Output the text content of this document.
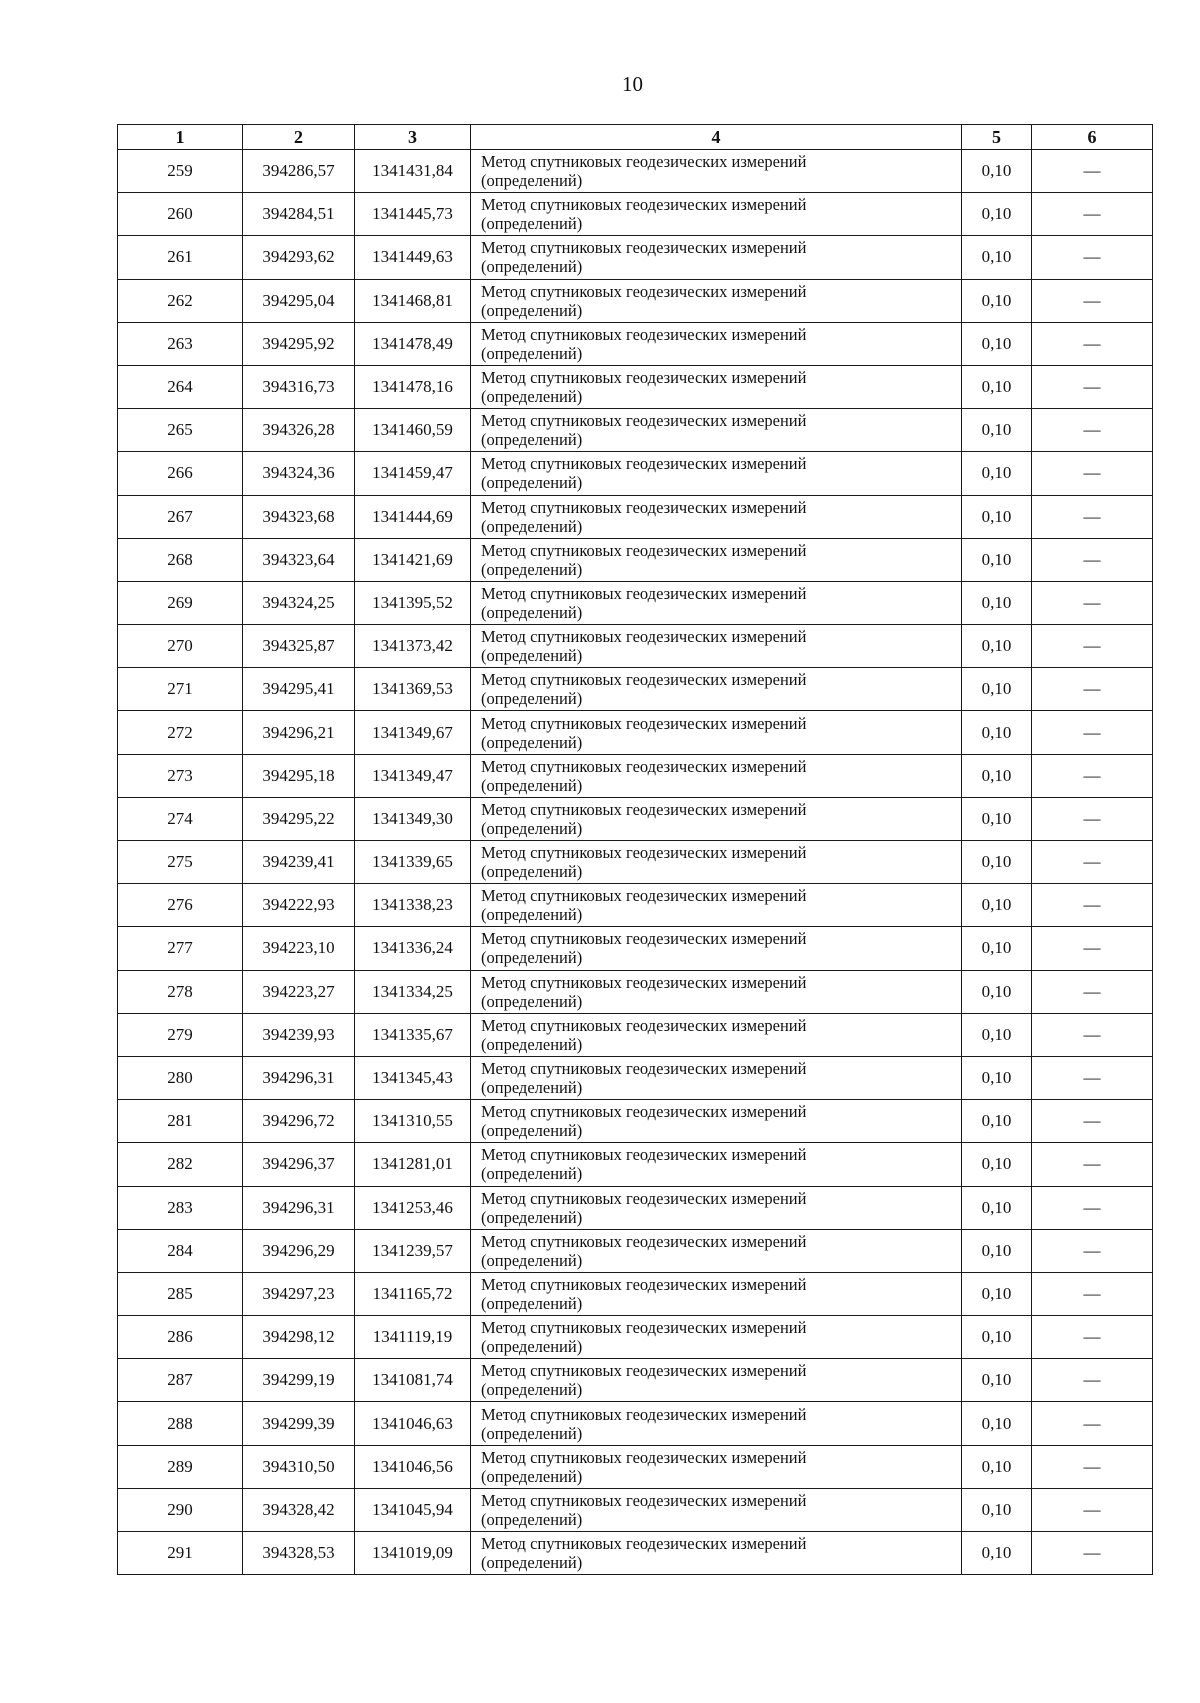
10
1	2	3	4	5	6
259	394286,57	1341431,84	Метод спутниковых геодезических измерений
(определений)	0,10	—
260	394284,51	1341445,73	Метод спутниковых геодезических измерений
(определений)	0,10	—
261	394293,62	1341449,63	Метод спутниковых геодезических измерений
(определений)	0,10	—
262	394295,04	1341468,81	Метод спутниковых геодезических измерений
(определений)	0,10	—
263	394295,92	1341478,49	Метод спутниковых геодезических измерений
(определений)	0,10	—
264	394316,73	1341478,16	Метод спутниковых геодезических измерений
(определений)	0,10	—
265	394326,28	1341460,59	Метод спутниковых геодезических измерений
(определений)	0,10	—
266	394324,36	1341459,47	Метод спутниковых геодезических измерений
(определений)	0,10	—
267	394323,68	1341444,69	Метод спутниковых геодезических измерений
(определений)	0,10	—
268	394323,64	1341421,69	Метод спутниковых геодезических измерений
(определений)	0,10	—
269	394324,25	1341395,52	Метод спутниковых геодезических измерений
(определений)	0,10	—
270	394325,87	1341373,42	Метод спутниковых геодезических измерений
(определений)	0,10	—
271	394295,41	1341369,53	Метод спутниковых геодезических измерений
(определений)	0,10	—
272	394296,21	1341349,67	Метод спутниковых геодезических измерений
(определений)	0,10	—
273	394295,18	1341349,47	Метод спутниковых геодезических измерений
(определений)	0,10	—
274	394295,22	1341349,30	Метод спутниковых геодезических измерений
(определений)	0,10	—
275	394239,41	1341339,65	Метод спутниковых геодезических измерений
(определений)	0,10	—
276	394222,93	1341338,23	Метод спутниковых геодезических измерений
(определений)	0,10	—
277	394223,10	1341336,24	Метод спутниковых геодезических измерений
(определений)	0,10	—
278	394223,27	1341334,25	Метод спутниковых геодезических измерений
(определений)	0,10	—
279	394239,93	1341335,67	Метод спутниковых геодезических измерений
(определений)	0,10	—
280	394296,31	1341345,43	Метод спутниковых геодезических измерений
(определений)	0,10	—
281	394296,72	1341310,55	Метод спутниковых геодезических измерений
(определений)	0,10	—
282	394296,37	1341281,01	Метод спутниковых геодезических измерений
(определений)	0,10	—
283	394296,31	1341253,46	Метод спутниковых геодезических измерений
(определений)	0,10	—
284	394296,29	1341239,57	Метод спутниковых геодезических измерений
(определений)	0,10	—
285	394297,23	1341165,72	Метод спутниковых геодезических измерений
(определений)	0,10	—
286	394298,12	1341119,19	Метод спутниковых геодезических измерений
(определений)	0,10	—
287	394299,19	1341081,74	Метод спутниковых геодезических измерений
(определений)	0,10	—
288	394299,39	1341046,63	Метод спутниковых геодезических измерений
(определений)	0,10	—
289	394310,50	1341046,56	Метод спутниковых геодезических измерений
(определений)	0,10	—
290	394328,42	1341045,94	Метод спутниковых геодезических измерений
(определений)	0,10	—
291	394328,53	1341019,09	Метод спутниковых геодезических измерений
(определений)	0,10	—
